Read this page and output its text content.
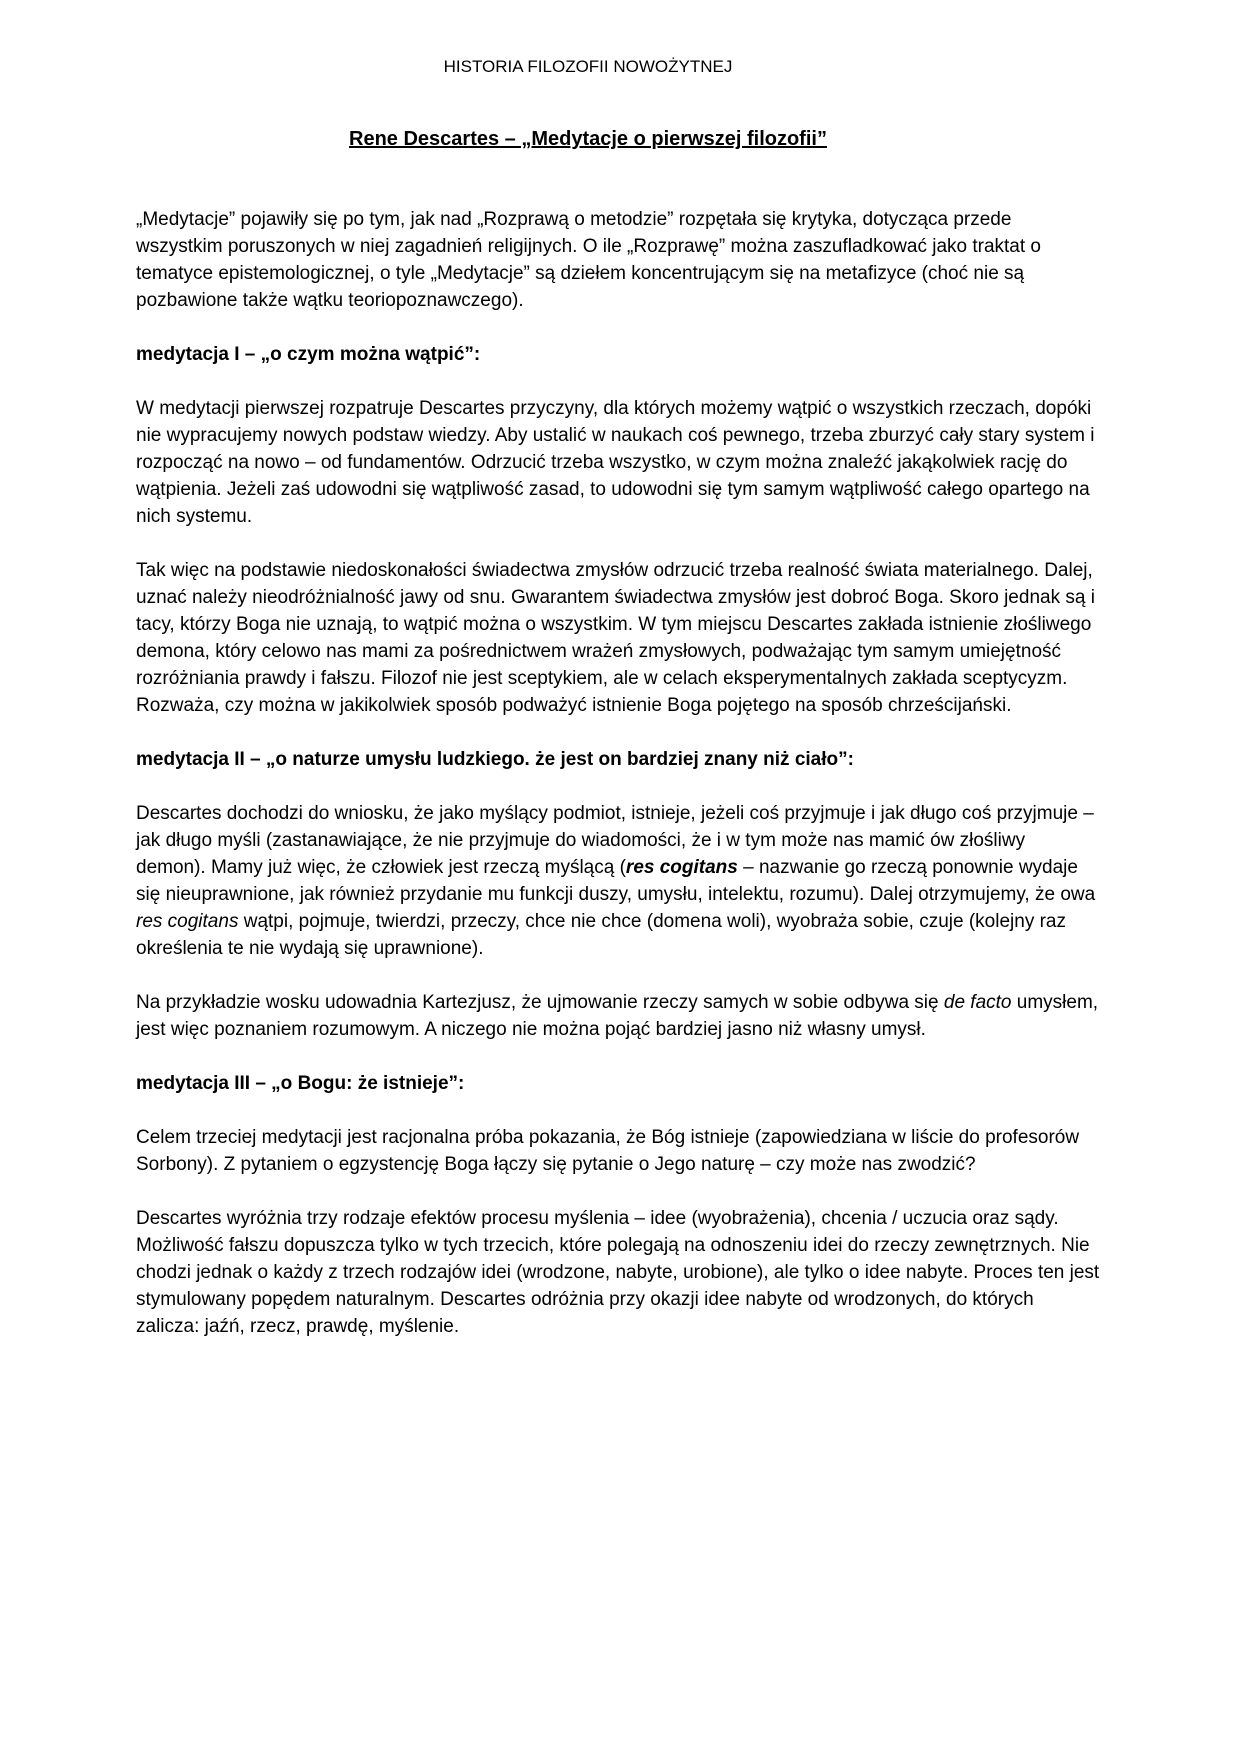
HISTORIA FILOZOFII NOWOŻYTNEJ
Rene Descartes – „Medytacje o pierwszej filozofii”

„Medytacje” pojawiły się po tym, jak nad „Rozprawą o metodzie” rozpętała się krytyka, dotycząca przede wszystkim poruszonych w niej zagadnień religijnych. O ile „Rozprawę” można zaszufladkować jako traktat o tematyce epistemologicznej, o tyle „Medytacje” są dziełem koncentrującym się na metafizyce (choć nie są pozbawione także wątku teoriopoznawczego).

medytacja I – „o czym można wątpić”:

W medytacji pierwszej rozpatruje Descartes przyczyny, dla których możemy wątpić o wszystkich rzeczach, dopóki nie wypracujemy nowych podstaw wiedzy. Aby ustalić w naukach coś pewnego, trzeba zburzyć cały stary system i rozpocząć na nowo – od fundamentów. Odrzucić trzeba wszystko, w czym można znaleźć jakąkolwiek rację do wątpienia. Jeżeli zaś udowodni się wątpliwość zasad, to udowodni się tym samym wątpliwość całego opartego na nich systemu.

Tak więc na podstawie niedoskonałości świadectwa zmysłów odrzucić trzeba realność świata materialnego. Dalej, uznać należy nieodróżnialność jawy od snu. Gwarantem świadectwa zmysłów jest dobroć Boga. Skoro jednak są i tacy, którzy Boga nie uznają, to wątpić można o wszystkim. W tym miejscu Descartes zakłada istnienie złośliwego demona, który celowo nas mami za pośrednictwem wrażeń zmysłowych, podważając tym samym umiejętność rozróżniania prawdy i fałszu. Filozof nie jest sceptykiem, ale w celach eksperymentalnych zakłada sceptycyzm. Rozważa, czy można w jakikolwiek sposób podważyć istnienie Boga pojętego na sposób chrześcijański.

medytacja II – „o naturze umysłu ludzkiego. że jest on bardziej znany niż ciało”:

Descartes dochodzi do wniosku, że jako myślący podmiot, istnieje, jeżeli coś przyjmuje i jak długo coś przyjmuje – jak długo myśli (zastanawiające, że nie przyjmuje do wiadomości, że i w tym może nas mamić ów złośliwy demon). Mamy już więc, że człowiek jest rzeczą myślącą (res cogitans – nazwanie go rzeczą ponownie wydaje się nieuprawnione, jak również przydanie mu funkcji duszy, umysłu, intelektu, rozumu). Dalej otrzymujemy, że owa res cogitans wątpi, pojmuje, twierdzi, przeczy, chce nie chce (domena woli), wyobraża sobie, czuje (kolejny raz określenia te nie wydają się uprawnione).

Na przykładzie wosku udowadnia Kartezjusz, że ujmowanie rzeczy samych w sobie odbywa się de facto umysłem, jest więc poznaniem rozumowym. A niczego nie można pojąć bardziej jasno niż własny umysł.

medytacja III – „o Bogu: że istnieje”:

Celem trzeciej medytacji jest racjonalna próba pokazania, że Bóg istnieje (zapowiedziana w liście do profesorów Sorbony). Z pytaniem o egzystencję Boga łączy się pytanie o Jego naturę – czy może nas zwodzić?

Descartes wyróżnia trzy rodzaje efektów procesu myślenia – idee (wyobrażenia), chcenia / uczucia oraz sądy. Możliwość fałszu dopuszcza tylko w tych trzecich, które polegają na odnoszeniu idei do rzeczy zewnętrznych. Nie chodzi jednak o każdy z trzech rodzajów idei (wrodzone, nabyte, urobione), ale tylko o idee nabyte. Proces ten jest stymulowany popędem naturalnym. Descartes odróżnia przy okazji idee nabyte od wrodzonych, do których zalicza: jaźń, rzecz, prawdę, myślenie.
